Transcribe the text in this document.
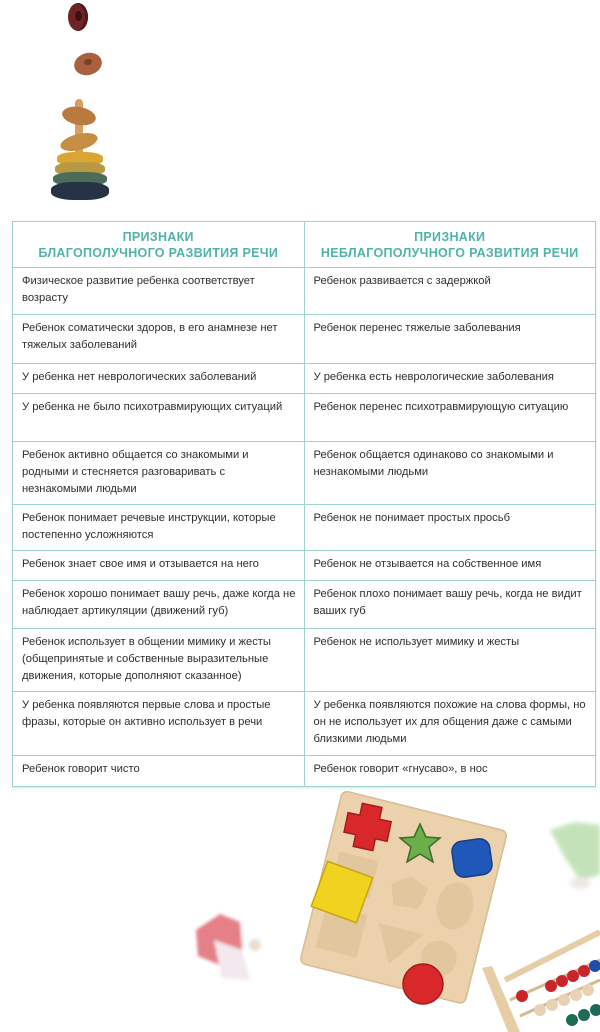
ПРИЗНАКИ
БЛАГОПОЛУЧНОГО РАЗВИТИЯ РЕЧИ	ПРИЗНАКИ
НЕБЛАГОПОЛУЧНОГО РАЗВИТИЯ РЕЧИ

Физическое развитие ребенка соответствует возрасту	Ребенок развивается с задержкой
Ребенок соматически здоров, в его анамнезе нет тяжелых заболеваний	Ребенок перенес тяжелые заболевания
У ребенка нет неврологических заболеваний	У ребенка есть неврологические заболевания
У ребенка не было психотравмирующих ситуаций	Ребенок перенес психотравмирующую ситуацию
Ребенок активно общается со знакомыми и родными и стесняется разговаривать с незнакомыми людьми	Ребенок общается одинаково со знакомыми и незнакомыми людьми
Ребенок понимает речевые инструкции, которые постепенно усложняются	Ребенок не понимает простых просьб
Ребенок знает свое имя и отзывается на него	Ребенок не отзывается на собственное имя
Ребенок хорошо понимает вашу речь, даже когда не наблюдает артикуляции (движений губ)	Ребенок плохо понимает вашу речь, когда не видит ваших губ
Ребенок использует в общении мимику и жесты (общепринятые и собственные выразительные движения, которые дополняют сказанное)	Ребенок не использует мимику и жесты
У ребенка появляются первые слова и простые фразы, которые он активно использует в речи	У ребенка появляются похожие на слова формы, но он не использует их для общения даже с самыми близкими людьми
Ребенок говорит чисто	Ребенок говорит «гнусаво», в нос
